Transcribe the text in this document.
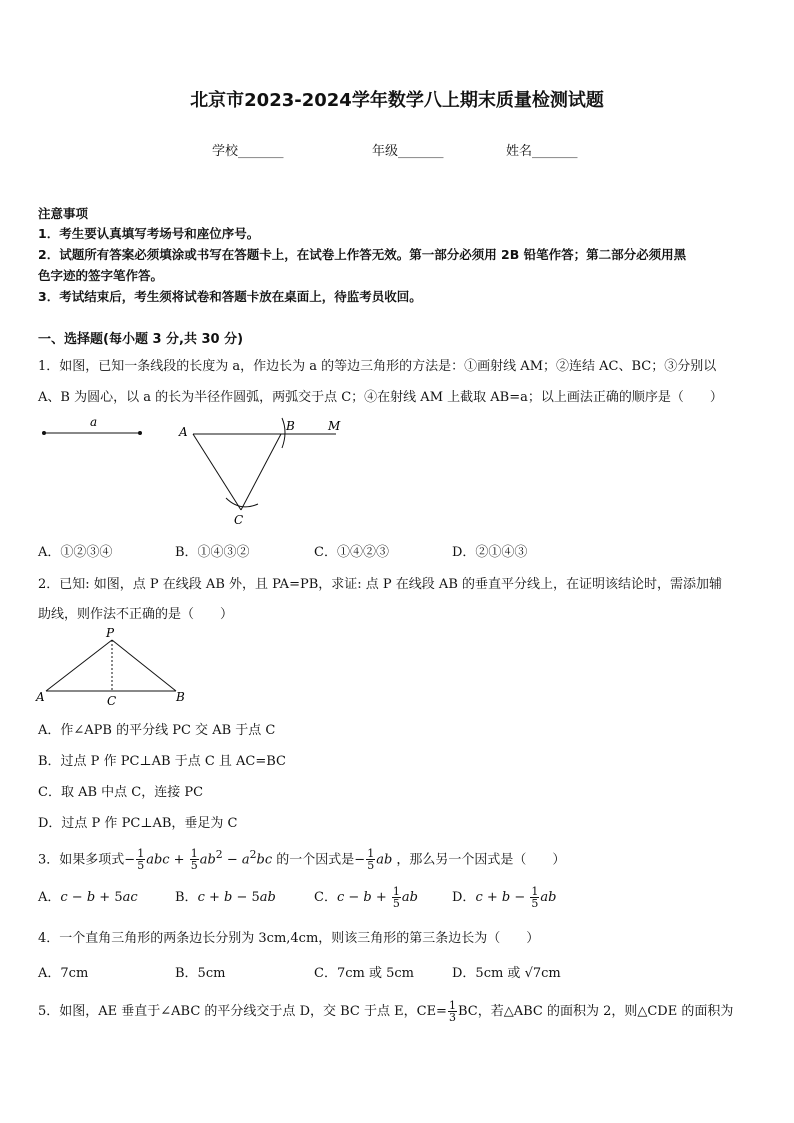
北京市2023-2024学年数学八上期末质量检测试题
学校_______	年级_______	姓名_______
注意事项
1．考生要认真填写考场号和座位序号。
2．试题所有答案必须填涂或书写在答题卡上，在试卷上作答无效。第一部分必须用 2B 铅笔作答；第二部分必须用黑
色字迹的签字笔作答。
3．考试结束后，考生须将试卷和答题卡放在桌面上，待监考员收回。
一、选择题(每小题 3 分,共 30 分)
1．如图，已知一条线段的长度为 a，作边长为 a 的等边三角形的方法是：①画射线 AM；②连结 AC、BC；③分别以
A、B 为圆心，以 a 的长为半径作圆弧，两弧交于点 C；④在射线 AM 上截取 AB=a；以上画法正确的顺序是（　　）
a
A	B	M
C
A．①②③④	B．①④③②	C．①④②③	D．②①④③
2．已知: 如图，点 P 在线段 AB 外，且 PA=PB，求证: 点 P 在线段 AB 的垂直平分线上，在证明该结论时，需添加辅
助线，则作法不正确的是（　　）
P
A	B
C
A．作∠APB 的平分线 PC 交 AB 于点 C
B．过点 P 作 PC⊥AB 于点 C 且 AC=BC
C．取 AB 中点 C，连接 PC
D．过点 P 作 PC⊥AB，垂足为 C
3．如果多项式− $\frac{1}{5}$ abc + $\frac{1}{5} ab^2 - a^2bc$ 的一个因式是− $\frac{1}{5}$ ab ，那么另一个因式是（　　）
A．c − b + 5ac	B．c + b − 5ab	C．$c - b + \frac{1}{5}$ ab	D．$c + b - \frac{1}{5}$ ab
4．一个直角三角形的两条边长分别为 3cm,4cm，则该三角形的第三条边长为（　　）
A．7cm	B．5cm	C．7cm 或 5cm	D．5cm 或 √7cm
5．如图，AE 垂直于∠ABC 的平分线交于点 D，交 BC 于点 E，$CE= \frac{1}{3}$ BC，若△ABC 的面积为 2，则△CDE 的面积为
